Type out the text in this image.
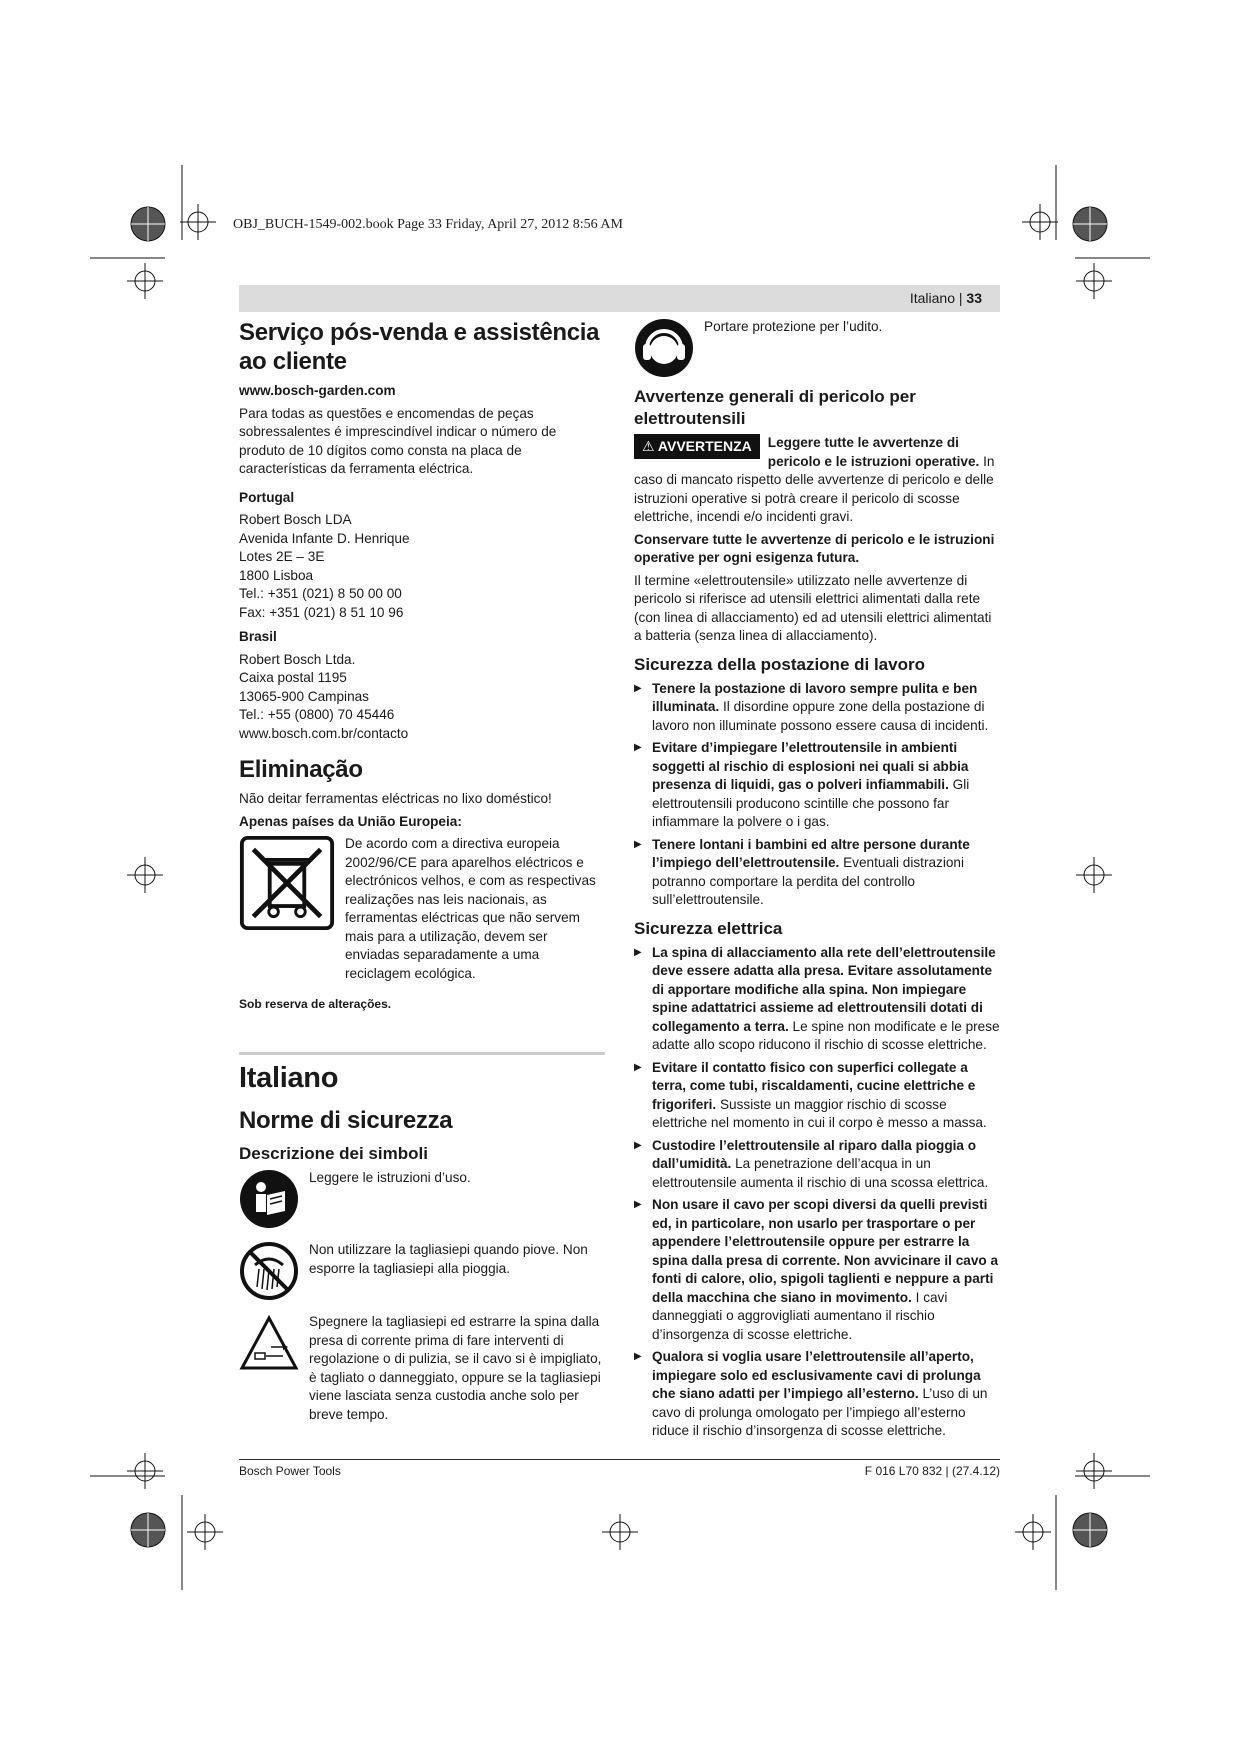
OBJ_BUCH-1549-002.book Page 33 Friday, April 27, 2012 8:56 AM
Italiano | 33
Serviço pós-venda e assistência ao cliente

www.bosch-garden.com

Para todas as questões e encomendas de peças sobressalentes é imprescindível indicar o número de produto de 10 dígitos como consta na placa de características da ferramenta eléctrica.

Portugal

Robert Bosch LDA
Avenida Infante D. Henrique
Lotes 2E – 3E
1800 Lisboa
Tel.: +351 (021) 8 50 00 00
Fax: +351 (021) 8 51 10 96

Brasil

Robert Bosch Ltda.
Caixa postal 1195
13065-900 Campinas
Tel.: +55 (0800) 70 45446
www.bosch.com.br/contacto
Eliminação

Não deitar ferramentas eléctricas no lixo doméstico!

Apenas países da União Europeia:

De acordo com a directiva europeia 2002/96/CE para aparelhos eléctricos e electrónicos velhos, e com as respectivas realizações nas leis nacionais, as ferramentas eléctricas que não servem mais para a utilização, devem ser enviadas separadamente a uma reciclagem ecológica.

Sob reserva de alterações.

Italiano
Norme di sicurezza
Descrizione dei simboli
Leggere le istruzioni d’uso.
Non utilizzare la tagliasiepi quando piove. Non esporre la tagliasiepi alla pioggia.
Spegnere la tagliasiepi ed estrarre la spina dalla presa di corrente prima di fare interventi di regolazione o di pulizia, se il cavo si è impigliato, è tagliato o danneggiato, oppure se la tagliasiepi viene lasciata senza custodia anche solo per breve tempo.
Portare protezione per l’udito.
Avvertenze generali di pericolo per elettroutensili

⚠ AVVERTENZA	Leggere tutte le avvertenze di pericolo e le istruzioni operative. In caso di mancato rispetto delle avvertenze di pericolo e delle istruzioni operative si potrà creare il pericolo di scosse elettriche, incendi e/o incidenti gravi.

Conservare tutte le avvertenze di pericolo e le istruzioni operative per ogni esigenza futura.

Il termine «elettroutensile» utilizzato nelle avvertenze di pericolo si riferisce ad utensili elettrici alimentati dalla rete (con linea di allacciamento) ed ad utensili elettrici alimentati a batteria (senza linea di allacciamento).

Sicurezza della postazione di lavoro
▶ Tenere la postazione di lavoro sempre pulita e ben illuminata. Il disordine oppure zone della postazione di lavoro non illuminate possono essere causa di incidenti.
▶ Evitare d’impiegare l’elettroutensile in ambienti soggetti al rischio di esplosioni nei quali si abbia presenza di liquidi, gas o polveri infiammabili. Gli elettroutensili producono scintille che possono far infiammare la polvere o i gas.
▶ Tenere lontani i bambini ed altre persone durante l’impiego dell’elettroutensile. Eventuali distrazioni potranno comportare la perdita del controllo sull’elettroutensile.
Sicurezza elettrica
▶ La spina di allacciamento alla rete dell’elettroutensile deve essere adatta alla presa. Evitare assolutamente di apportare modifiche alla spina. Non impiegare spine adattatrici assieme ad elettroutensili dotati di collegamento a terra. Le spine non modificate e le prese adatte allo scopo riducono il rischio di scosse elettriche.
▶ Evitare il contatto fisico con superfici collegate a terra, come tubi, riscaldamenti, cucine elettriche e frigoriferi. Sussiste un maggior rischio di scosse elettriche nel momento in cui il corpo è messo a massa.
▶ Custodire l’elettroutensile al riparo dalla pioggia o dall’umidità. La penetrazione dell’acqua in un elettroutensile aumenta il rischio di una scossa elettrica.
▶ Non usare il cavo per scopi diversi da quelli previsti ed, in particolare, non usarlo per trasportare o per appendere l’elettroutensile oppure per estrarre la spina dalla presa di corrente. Non avvicinare il cavo a fonti di calore, olio, spigoli taglienti e neppure a parti della macchina che siano in movimento. I cavi danneggiati o aggrovigliati aumentano il rischio d’insorgenza di scosse elettriche.
▶ Qualora si voglia usare l’elettroutensile all’aperto, impiegare solo ed esclusivamente cavi di prolunga che siano adatti per l’impiego all’esterno. L’uso di un cavo di prolunga omologato per l’impiego all’esterno riduce il rischio d’insorgenza di scosse elettriche.
Bosch Power Tools	F 016 L70 832 | (27.4.12)
